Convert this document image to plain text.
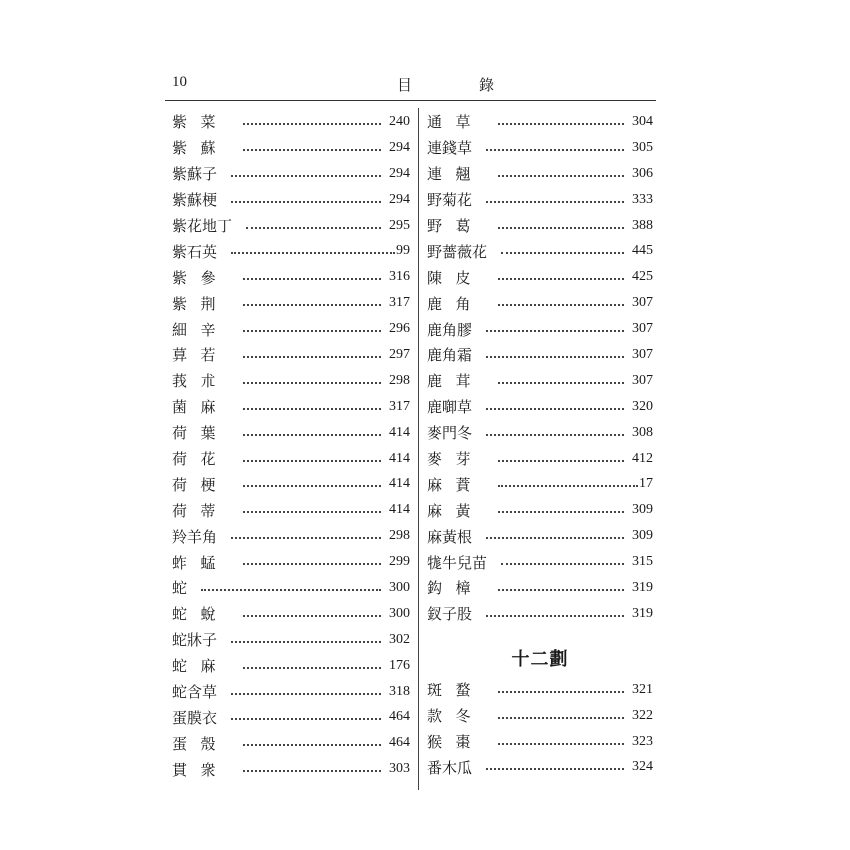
10	目	錄
紫菜	240
紫蘇	294
紫蘇子	294
紫蘇梗	294
紫花地丁	295
紫石英	99
紫參	316
紫荆	317
細辛	296
萛若	297
莪朮	298
菌麻	317
荷葉	414
荷花	414
荷梗	414
荷蒂	414
羚羊角	298
蚱蜢	299
蛇	300
蛇蛻	300
蛇牀子	302
蛇麻	176
蛇含草	318
蛋膜衣	464
蛋殼	464
貫衆	303
通草	304
連錢草	305
連翹	306
野菊花	333
野葛	388
野薔薇花	445
陳皮	425
鹿角	307
鹿角膠	307
鹿角霜	307
鹿茸	307
鹿啣草	320
麥門冬	308
麥芽	412
麻蕡	17
麻黃	309
麻黃根	309
牻牛兒苗	315
鈎樟	319
釵子股	319
十二劃
斑蝥	321
款冬	322
猴棗	323
番木瓜	324
